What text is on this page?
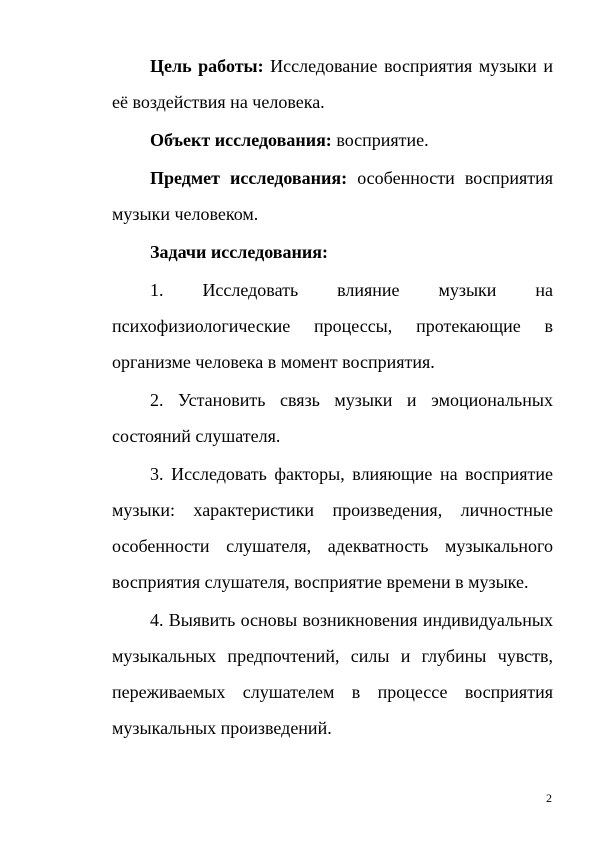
Цель работы: Исследование восприятия музыки и её воздействия на человека.

Объект исследования: восприятие.

Предмет исследования: особенности восприятия музыки человеком.

Задачи исследования:

1. Исследовать влияние музыки на психофизиологические процессы, протекающие в организме человека в момент восприятия.

2. Установить связь музыки и эмоциональных состояний слушателя.

3. Исследовать факторы, влияющие на восприятие музыки: характеристики произведения, личностные особенности слушателя, адекватность музыкального восприятия слушателя, восприятие времени в музыке.

4. Выявить основы возникновения индивидуальных музыкальных предпочтений, силы и глубины чувств, переживаемых слушателем в процессе восприятия музыкальных произведений.

2
